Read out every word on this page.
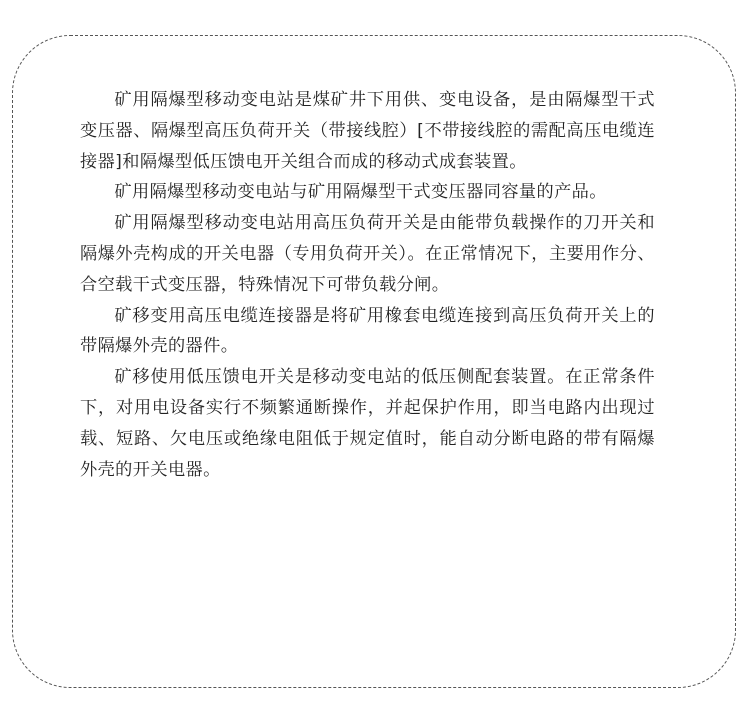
矿用隔爆型移动变电站是煤矿井下用供、变电设备，是由隔爆型干式变压器、隔爆型高压负荷开关（带接线腔）[不带接线腔的需配高压电缆连接器]和隔爆型低压馈电开关组合而成的移动式成套装置。

矿用隔爆型移动变电站与矿用隔爆型干式变压器同容量的产品。

矿用隔爆型移动变电站用高压负荷开关是由能带负载操作的刀开关和隔爆外壳构成的开关电器（专用负荷开关）。在正常情况下，主要用作分、合空载干式变压器，特殊情况下可带负载分闸。

矿移变用高压电缆连接器是将矿用橡套电缆连接到高压负荷开关上的带隔爆外壳的器件。

矿移使用低压馈电开关是移动变电站的低压侧配套装置。在正常条件下，对用电设备实行不频繁通断操作，并起保护作用，即当电路内出现过载、短路、欠电压或绝缘电阻低于规定值时，能自动分断电路的带有隔爆外壳的开关电器。
